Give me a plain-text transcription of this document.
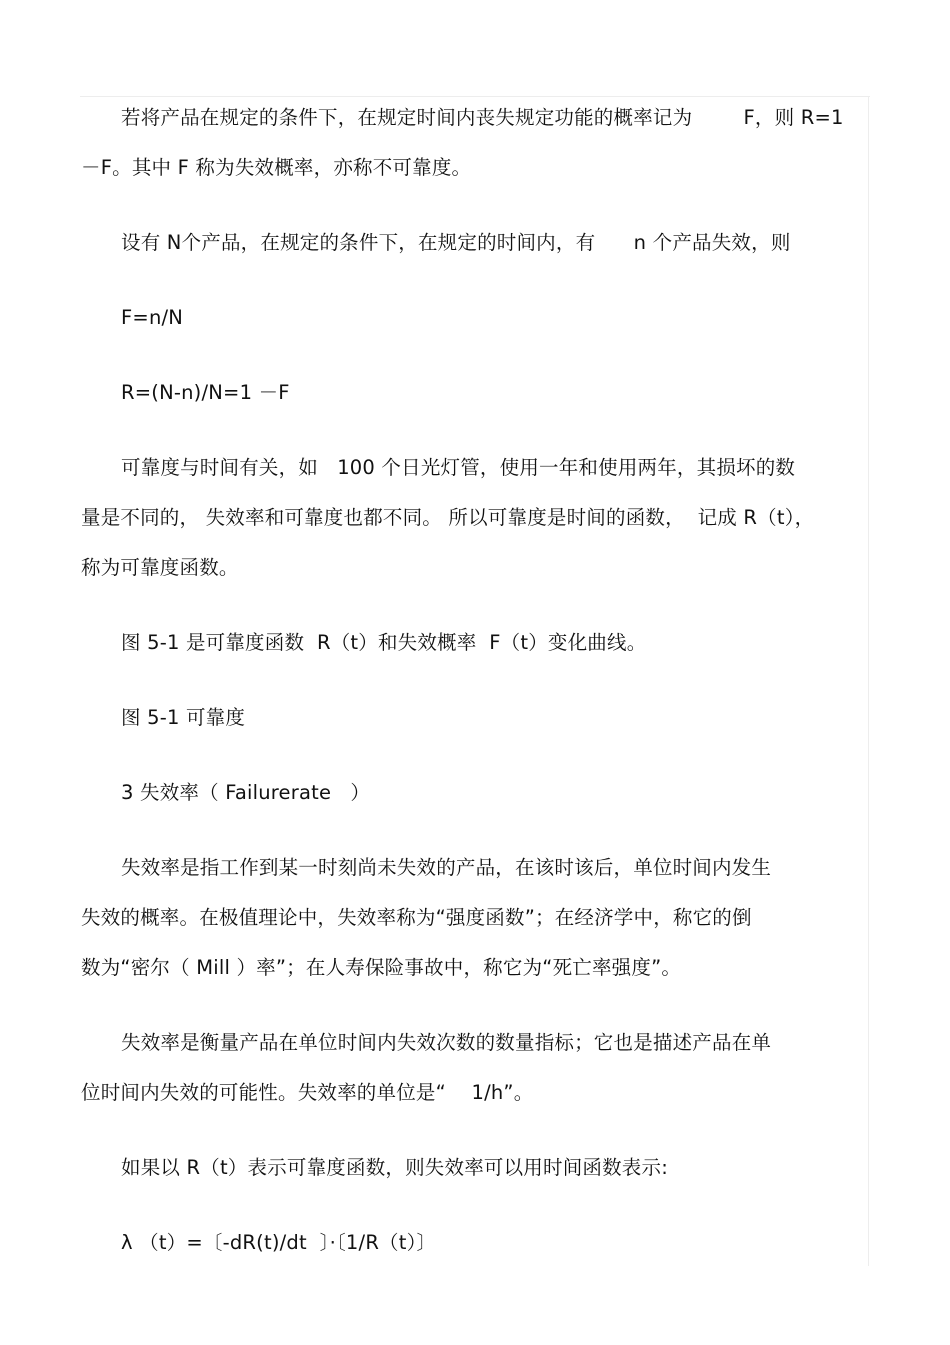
若将产品在规定的条件下，在规定时间内丧失规定功能的概率记为        F，则 R=1
－F。其中 F 称为失效概率，亦称不可靠度。
设有 N个产品，在规定的条件下，在规定的时间内，有      n 个产品失效，则
F=n/N
R=(N-n)/N=1 －F
可靠度与时间有关，如   100 个日光灯管，使用一年和使用两年，其损坏的数
量是不同的， 失效率和可靠度也都不同。 所以可靠度是时间的函数，  记成 R（t），
称为可靠度函数。
图 5-1 是可靠度函数  R（t）和失效概率  F（t）变化曲线。
图 5-1 可靠度
3 失效率（ Failurerate   ）
失效率是指工作到某一时刻尚未失效的产品，在该时该后，单位时间内发生
失效的概率。在极值理论中，失效率称为“强度函数”；在经济学中，称它的倒
数为“密尔（ Mill ）率”；在人寿保险事故中，称它为“死亡率强度”。
失效率是衡量产品在单位时间内失效次数的数量指标；它也是描述产品在单
位时间内失效的可能性。失效率的单位是“    1/h”。
如果以 R（t）表示可靠度函数，则失效率可以用时间函数表示:
λ （t）=〔-dR(t)/dt  〕·〔1/R（t）〕
